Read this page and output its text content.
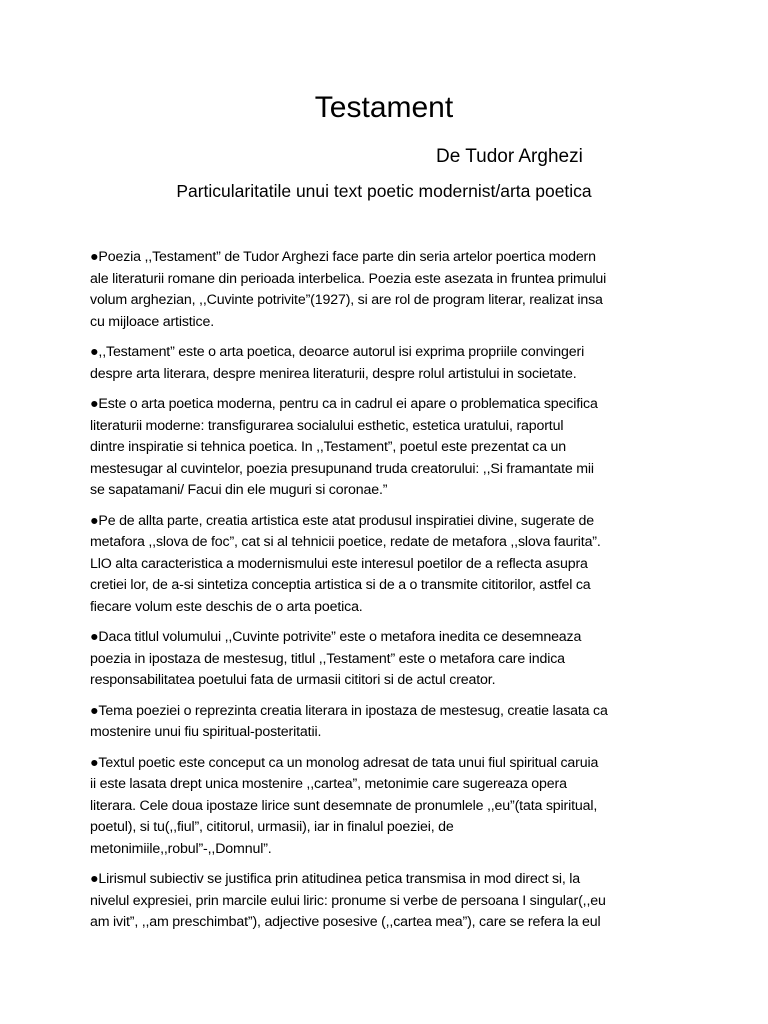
Testament
De Tudor Arghezi
Particularitatile unui text poetic modernist/arta poetica

●Poezia ,,Testament” de Tudor Arghezi face parte din seria artelor poertica modern
ale literaturii romane din perioada interbelica. Poezia este asezata in fruntea primului
volum arghezian, ,,Cuvinte potrivite”(1927), si are rol de program literar, realizat insa
cu mijloace artistice.

●,,Testament” este o arta poetica, deoarce autorul isi exprima propriile convingeri
despre arta literara, despre menirea literaturii, despre rolul artistului in societate.

●Este o arta poetica moderna, pentru ca in cadrul ei apare o problematica specifica
literaturii moderne: transfigurarea socialului esthetic, estetica uratului, raportul
dintre inspiratie si tehnica poetica. In ,,Testament”, poetul este prezentat ca un
mestesugar al cuvintelor, poezia presupunand truda creatorului: ,,Si framantate mii
se sapatamani/ Facui din ele muguri si coronae.”

●Pe de allta parte, creatia artistica este atat produsul inspiratiei divine, sugerate de
metafora ,,slova de foc”, cat si al tehnicii poetice, redate de metafora ,,slova faurita”.
LlO alta caracteristica a modernismului este interesul poetilor de a reflecta asupra
cretiei lor, de a-si sintetiza conceptia artistica si de a o transmite cititorilor, astfel ca
fiecare volum este deschis de o arta poetica.

●Daca titlul volumului ,,Cuvinte potrivite” este o metafora inedita ce desemneaza
poezia in ipostaza de mestesug, titlul ,,Testament” este o metafora care indica
responsabilitatea poetului fata de urmasii cititori si de actul creator.

●Tema poeziei o reprezinta creatia literara in ipostaza de mestesug, creatie lasata ca
mostenire unui fiu spiritual-posteritatii.

●Textul poetic este conceput ca un monolog adresat de tata unui fiul spiritual caruia
ii este lasata drept unica mostenire ,,cartea”, metonimie care sugereaza opera
literara. Cele doua ipostaze lirice sunt desemnate de pronumlele ,,eu”(tata spiritual,
poetul), si tu(,,fiul”, cititorul, urmasii), iar in finalul poeziei, de
metonimiile,,robul”-,,Domnul”.

●Lirismul subiectiv se justifica prin atitudinea petica transmisa in mod direct si, la
nivelul expresiei, prin marcile eului liric: pronume si verbe de persoana I singular(,,eu
am ivit”, ,,am preschimbat”), adjective posesive (,,cartea mea”), care se refera la eul
